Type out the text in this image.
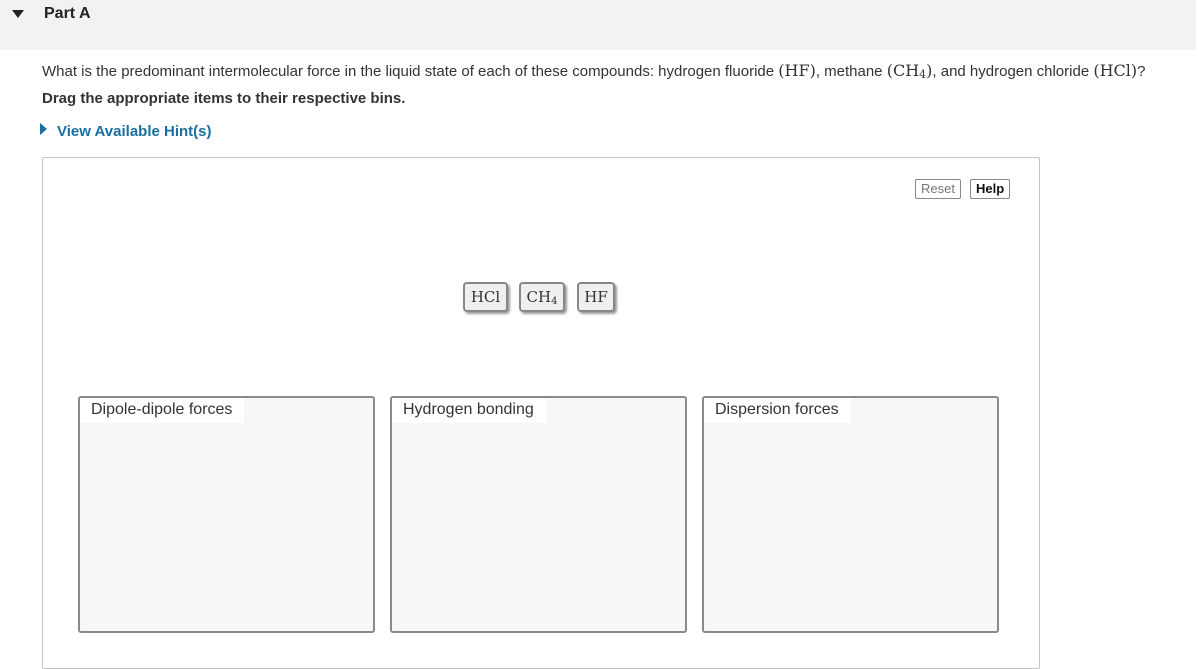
Part A
What is the predominant intermolecular force in the liquid state of each of these compounds: hydrogen fluoride (HF), methane (CH4), and hydrogen chloride (HCl)?
Drag the appropriate items to their respective bins.
View Available Hint(s)
Reset	Help
HCl	$CH_4$	HF
Dipole-dipole forces	Hydrogen bonding	Dispersion forces
